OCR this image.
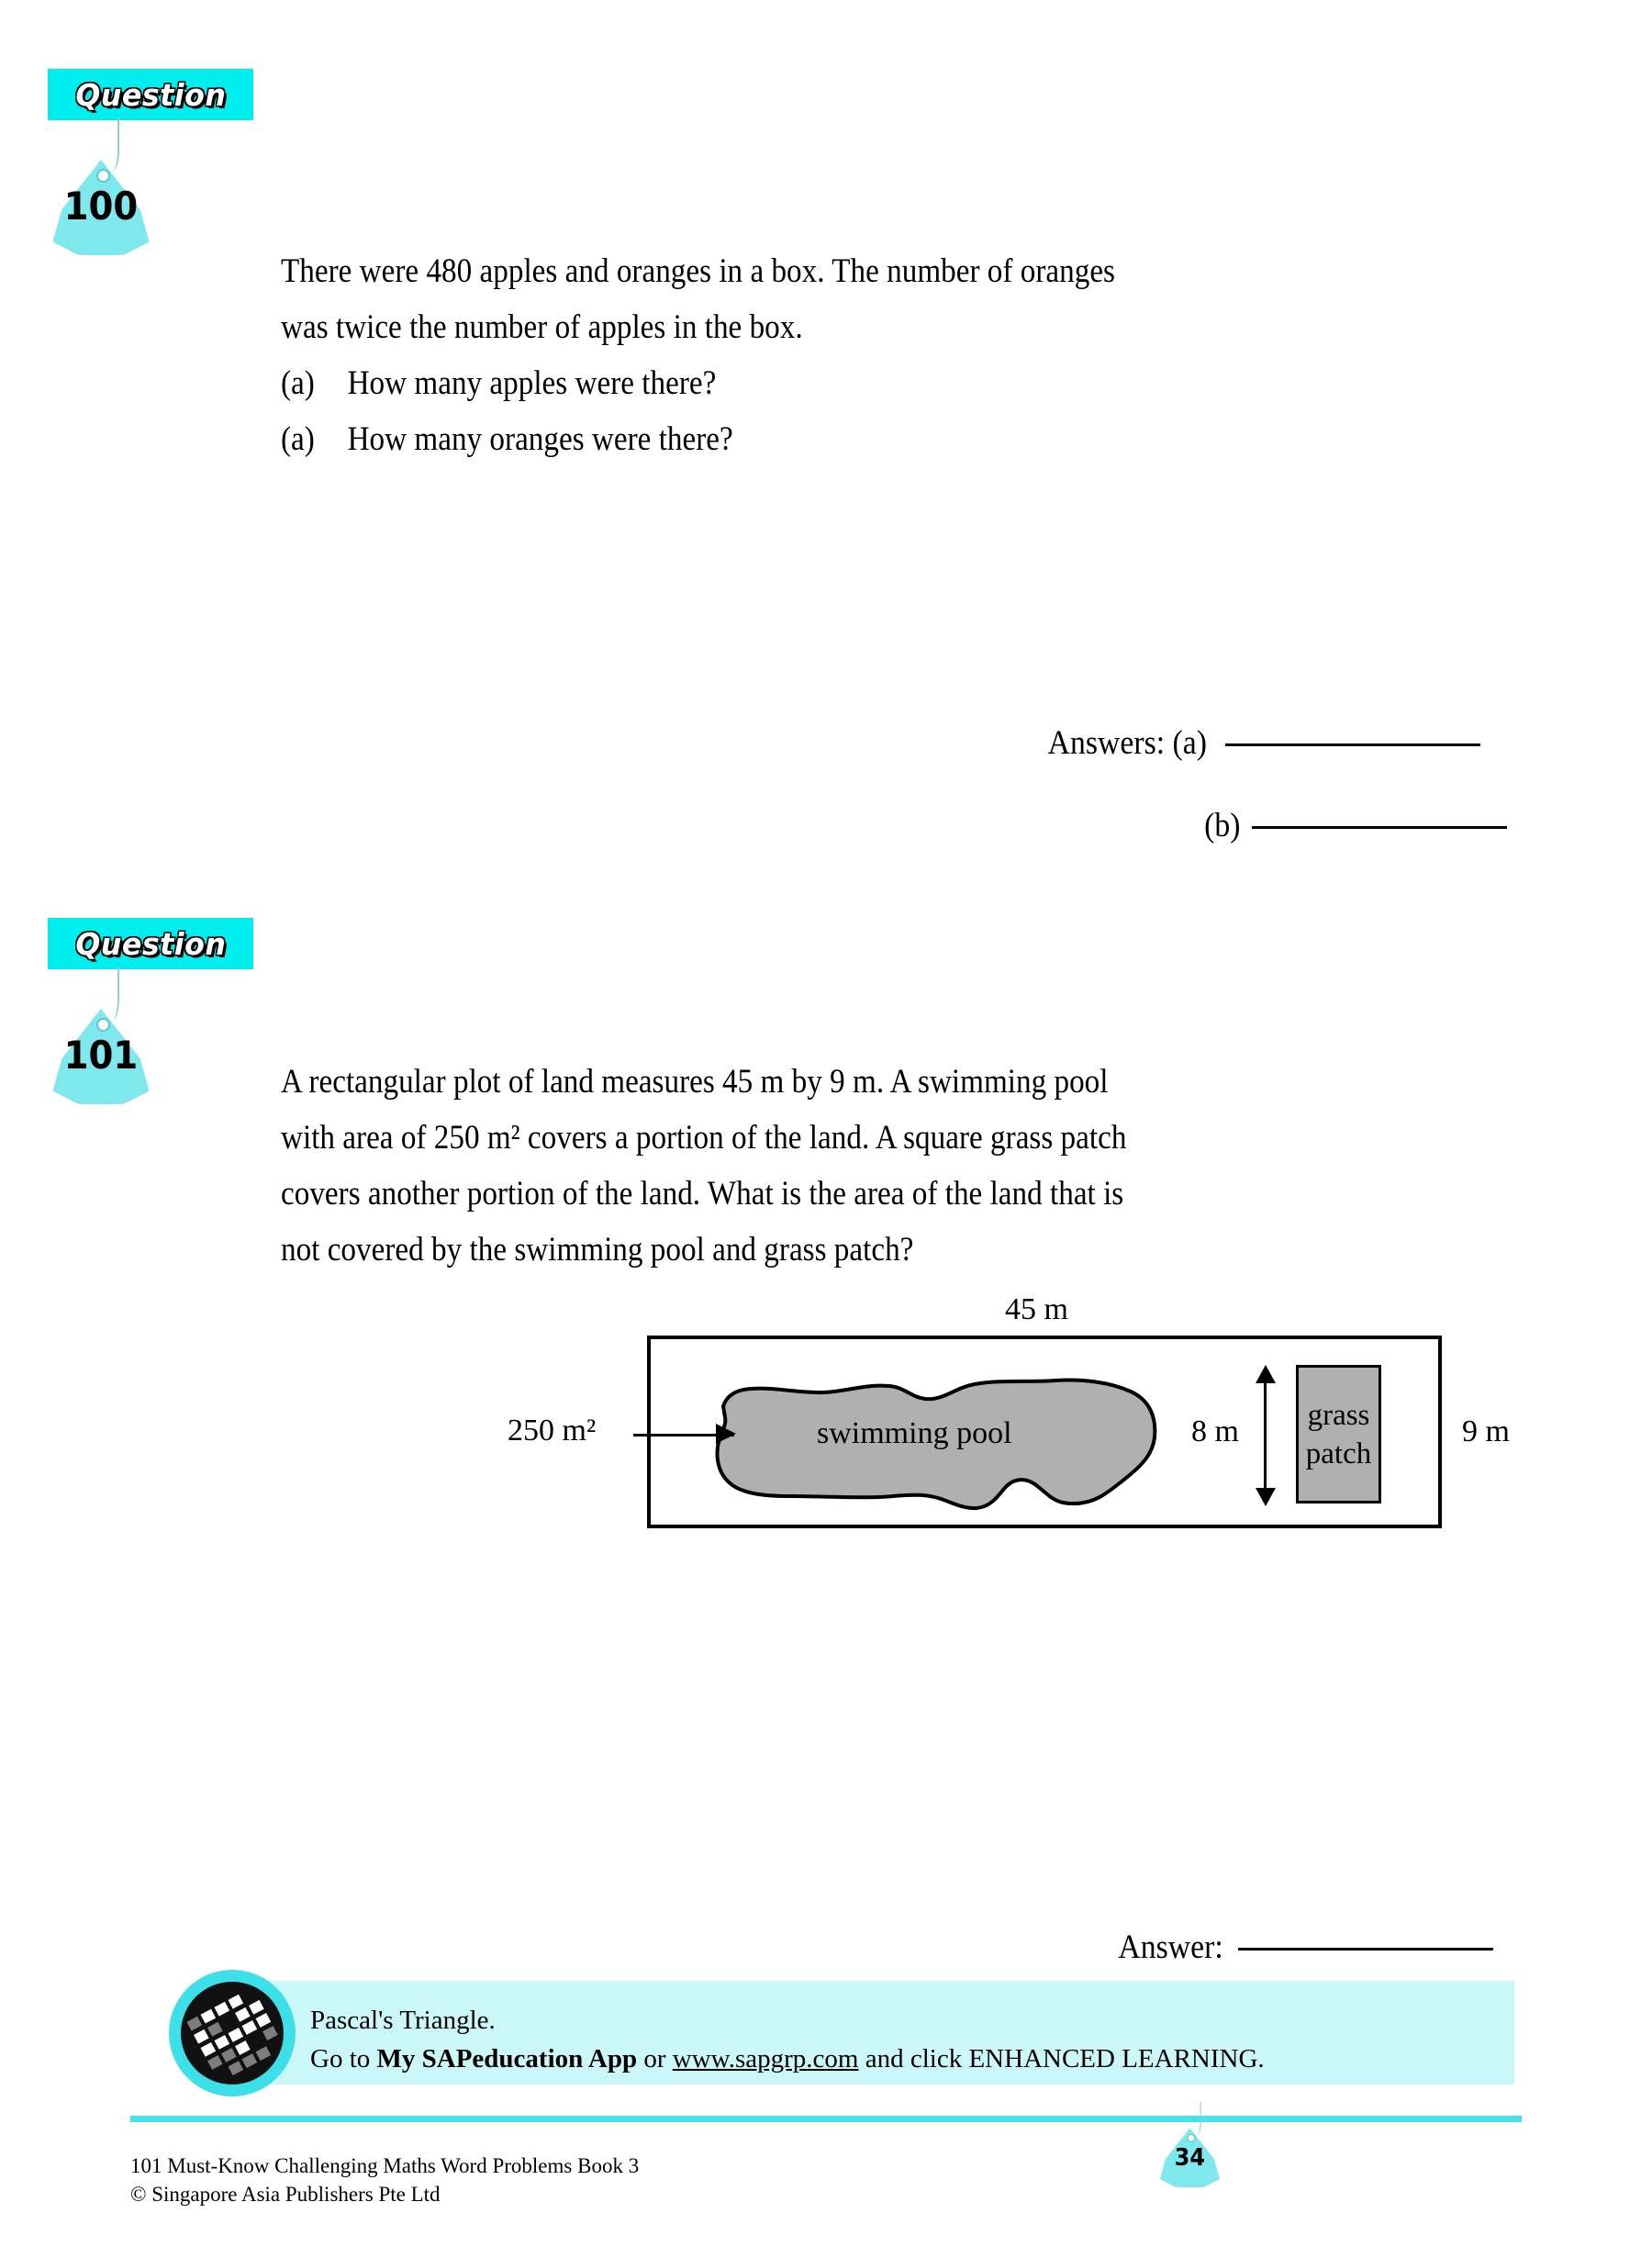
Question
100
There were 480 apples and oranges in a box. The number of oranges
was twice the number of apples in the box.
(a) How many apples were there?
(a) How many oranges were there?
Answers: (a)
(b)
Question
101
A rectangular plot of land measures 45 m by 9 m. A swimming pool
with area of 250 m² covers a portion of the land. A square grass patch
covers another portion of the land. What is the area of the land that is
not covered by the swimming pool and grass patch?
45 m
swimming pool
250 m²	8 m grass
patch
9 m
Answer:
Pascal's Triangle.
Go to My SAPeducation App or www.sapgrp.com and click ENHANCED LEARNING.
34
101 Must-Know Challenging Maths Word Problems Book 3
© Singapore Asia Publishers Pte Ltd
